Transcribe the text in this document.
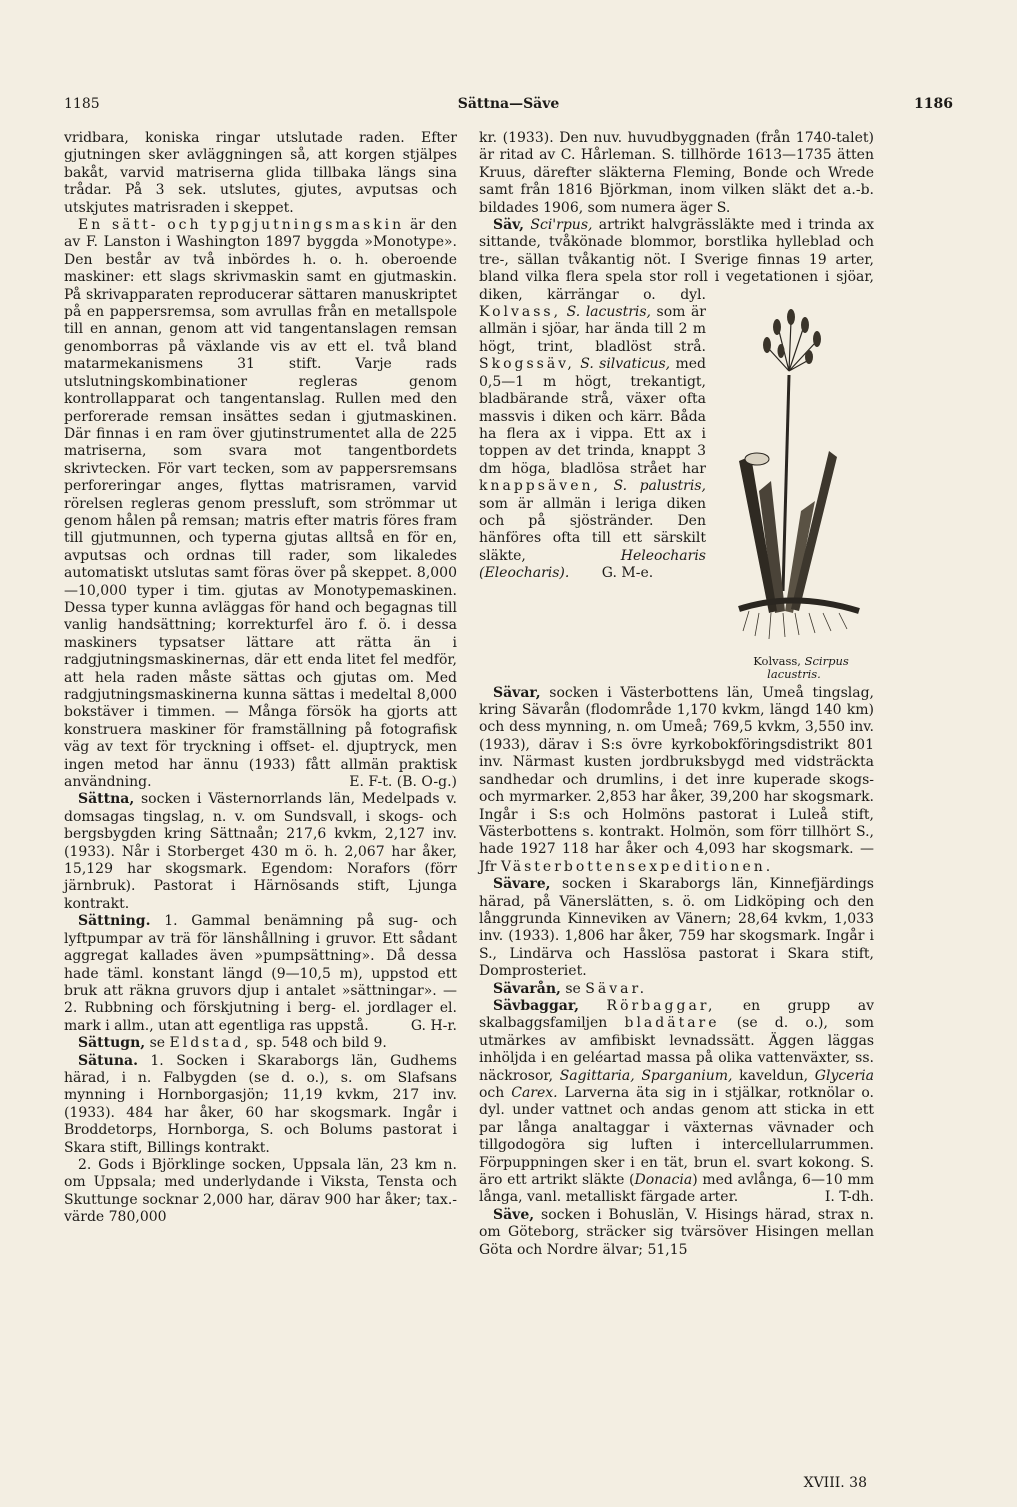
1185	Sättna—Säve	1186

vridbara, koniska ringar utslutade raden. Efter gjutningen sker avläggningen så, att korgen stjälpes bakåt, varvid matriserna glida tillbaka längs sina trådar. På 3 sek. utslutes, gjutes, avputsas och utskjutes matrisraden i skeppet.

En sätt- och typgjutningsmaskin är den av F. Lanston i Washington 1897 byggda »Monotype». Den består av två inbördes h. o. h. oberoende maskiner: ett slags skrivmaskin samt en gjutmaskin. På skrivapparaten reproducerar sättaren manuskriptet på en pappersremsa, som avrullas från en metallspole till en annan, genom att vid tangentanslagen remsan genomborras på växlande vis av ett el. två bland matarmekanismens 31 stift. Varje rads utslutningskombinationer regleras genom kontrollapparat och tangentanslag. Rullen med den perforerade remsan insättes sedan i gjutmaskinen. Där finnas i en ram över gjutinstrumentet alla de 225 matriserna, som svara mot tangentbordets skrivtecken. För vart tecken, som av pappersremsans perforeringar anges, flyttas matrisramen, varvid rörelsen regleras genom pressluft, som strömmar ut genom hålen på remsan; matris efter matris föres fram till gjutmunnen, och typerna gjutas alltså en för en, avputsas och ordnas till rader, som likaledes automatiskt utslutas samt föras över på skeppet. 8,000—10,000 typer i tim. gjutas av Monotypemaskinen. Dessa typer kunna avläggas för hand och begagnas till vanlig handsättning; korrekturfel äro f. ö. i dessa maskiners typsatser lättare att rätta än i radgjutningsmaskinernas, där ett enda litet fel medför, att hela raden måste sättas och gjutas om. Med radgjutningsmaskinerna kunna sättas i medeltal 8,000 bokstäver i timmen. — Många försök ha gjorts att konstruera maskiner för framställning på fotografisk väg av text för tryckning i offset- el. djuptryck, men ingen metod har ännu (1933) fått allmän praktisk användning.	E. F-t. (B. O-g.)

Sättna, socken i Västernorrlands län, Medelpads v. domsagas tingslag, n. v. om Sundsvall, i skogs- och bergsbygden kring Sättnaån; 217,6 kvkm, 2,127 inv. (1933). Når i Storberget 430 m ö. h. 2,067 har åker, 15,129 har skogsmark. Egendom: Norafors (förr järnbruk). Pastorat i Härnösands stift, Ljunga kontrakt.

Sättning. 1. Gammal benämning på sug- och lyftpumpar av trä för länshållning i gruvor. Ett sådant aggregat kallades även »pumpsättning». Då dessa hade täml. konstant längd (9—10,5 m), uppstod ett bruk att räkna gruvors djup i antalet »sättningar». — 2. Rubbning och förskjutning i berg- el. jordlager el. mark i allm., utan att egentliga ras uppstå.	G. H-r.

Sättugn, se Eldstad, sp. 548 och bild 9.

Sätuna. 1. Socken i Skaraborgs län, Gudhems härad, i n. Falbygden (se d. o.), s. om Slafsans mynning i Hornborgasjön; 11,19 kvkm, 217 inv. (1933). 484 har åker, 60 har skogsmark. Ingår i Broddetorps, Hornborga, S. och Bolums pastorat i Skara stift, Billings kontrakt.

2. Gods i Björklinge socken, Uppsala län, 23 km n. om Uppsala; med underlydande i Viksta, Tensta och Skuttunge socknar 2,000 har, därav 900 har åker; tax.-värde 780,000

kr. (1933). Den nuv. huvudbyggnaden (från 1740-talet) är ritad av C. Hårleman. S. tillhörde 1613—1735 ätten Kruus, därefter släkterna Fleming, Bonde och Wrede samt från 1816 Björkman, inom vilken släkt det a.-b. bildades 1906, som numera äger S.

Säv, Sci'rpus, artrikt halvgrässläkte med i trinda ax sittande, tvåkönade blommor, borstlika hylleblad och tre-, sällan tvåkantig nöt. I Sverige finnas 19 arter, bland vilka flera spela stor roll i vegetationen i sjöar, diken, kärrängar o. dyl.
Kolvass, Scirpus lacustris.
Kolvass, S. lacustris, som är allmän i sjöar, har ända till 2 m högt, trint, bladlöst strå. Skogssäv, S. silvaticus, med 0,5—1 m högt, trekantigt, bladbärande strå, växer ofta massvis i diken och kärr. Båda ha flera ax i vippa. Ett ax i toppen av det trinda, knappt 3 dm höga, bladlösa strået har knappsäven, S. palustris, som är allmän i leriga diken och på sjöstränder. Den hänföres ofta till ett särskilt släkte, Heleocharis (Eleocharis). G. M-e.

Sävar, socken i Västerbottens län, Umeå tingslag, kring Sävarån (flodområde 1,170 kvkm, längd 140 km) och dess mynning, n. om Umeå; 769,5 kvkm, 3,550 inv. (1933), därav i S:s övre kyrkobokföringsdistrikt 801 inv. Närmast kusten jordbruksbygd med vidsträckta sandhedar och drumlins, i det inre kuperade skogs- och myrmarker. 2,853 har åker, 39,200 har skogsmark. Ingår i S:s och Holmöns pastorat i Luleå stift, Västerbottens s. kontrakt. Holmön, som förr tillhört S., hade 1927 118 har åker och 4,093 har skogsmark. — Jfr Västerbottensexpeditionen.

Sävare, socken i Skaraborgs län, Kinnefjärdings härad, på Vänerslätten, s. ö. om Lidköping och den långgrunda Kinneviken av Vänern; 28,64 kvkm, 1,033 inv. (1933). 1,806 har åker, 759 har skogsmark. Ingår i S., Lindärva och Hasslösa pastorat i Skara stift, Domprosteriet.

Sävarån, se Sävar.

Sävbaggar, Rörbaggar, en grupp av skalbaggsfamiljen bladätare (se d. o.), som utmärkes av amfibiskt levnadssätt. Äggen läggas inhöljda i en geléartad massa på olika vattenväxter, ss. näckrosor, Sagittaria, Sparganium, kaveldun, Glyceria och Carex. Larverna äta sig in i stjälkar, rotknölar o. dyl. under vattnet och andas genom att sticka in ett par långa analtaggar i växternas vävnader och tillgodogöra sig luften i intercellularrummen. Förpuppningen sker i en tät, brun el. svart kokong. S. äro ett artrikt släkte (Donacia) med avlånga, 6—10 mm långa, vanl. metalliskt färgade arter.	I. T-dh.

Säve, socken i Bohuslän, V. Hisings härad, strax n. om Göteborg, sträcker sig tvärsöver Hisingen mellan Göta och Nordre älvar; 51,15

XVIII. 38
